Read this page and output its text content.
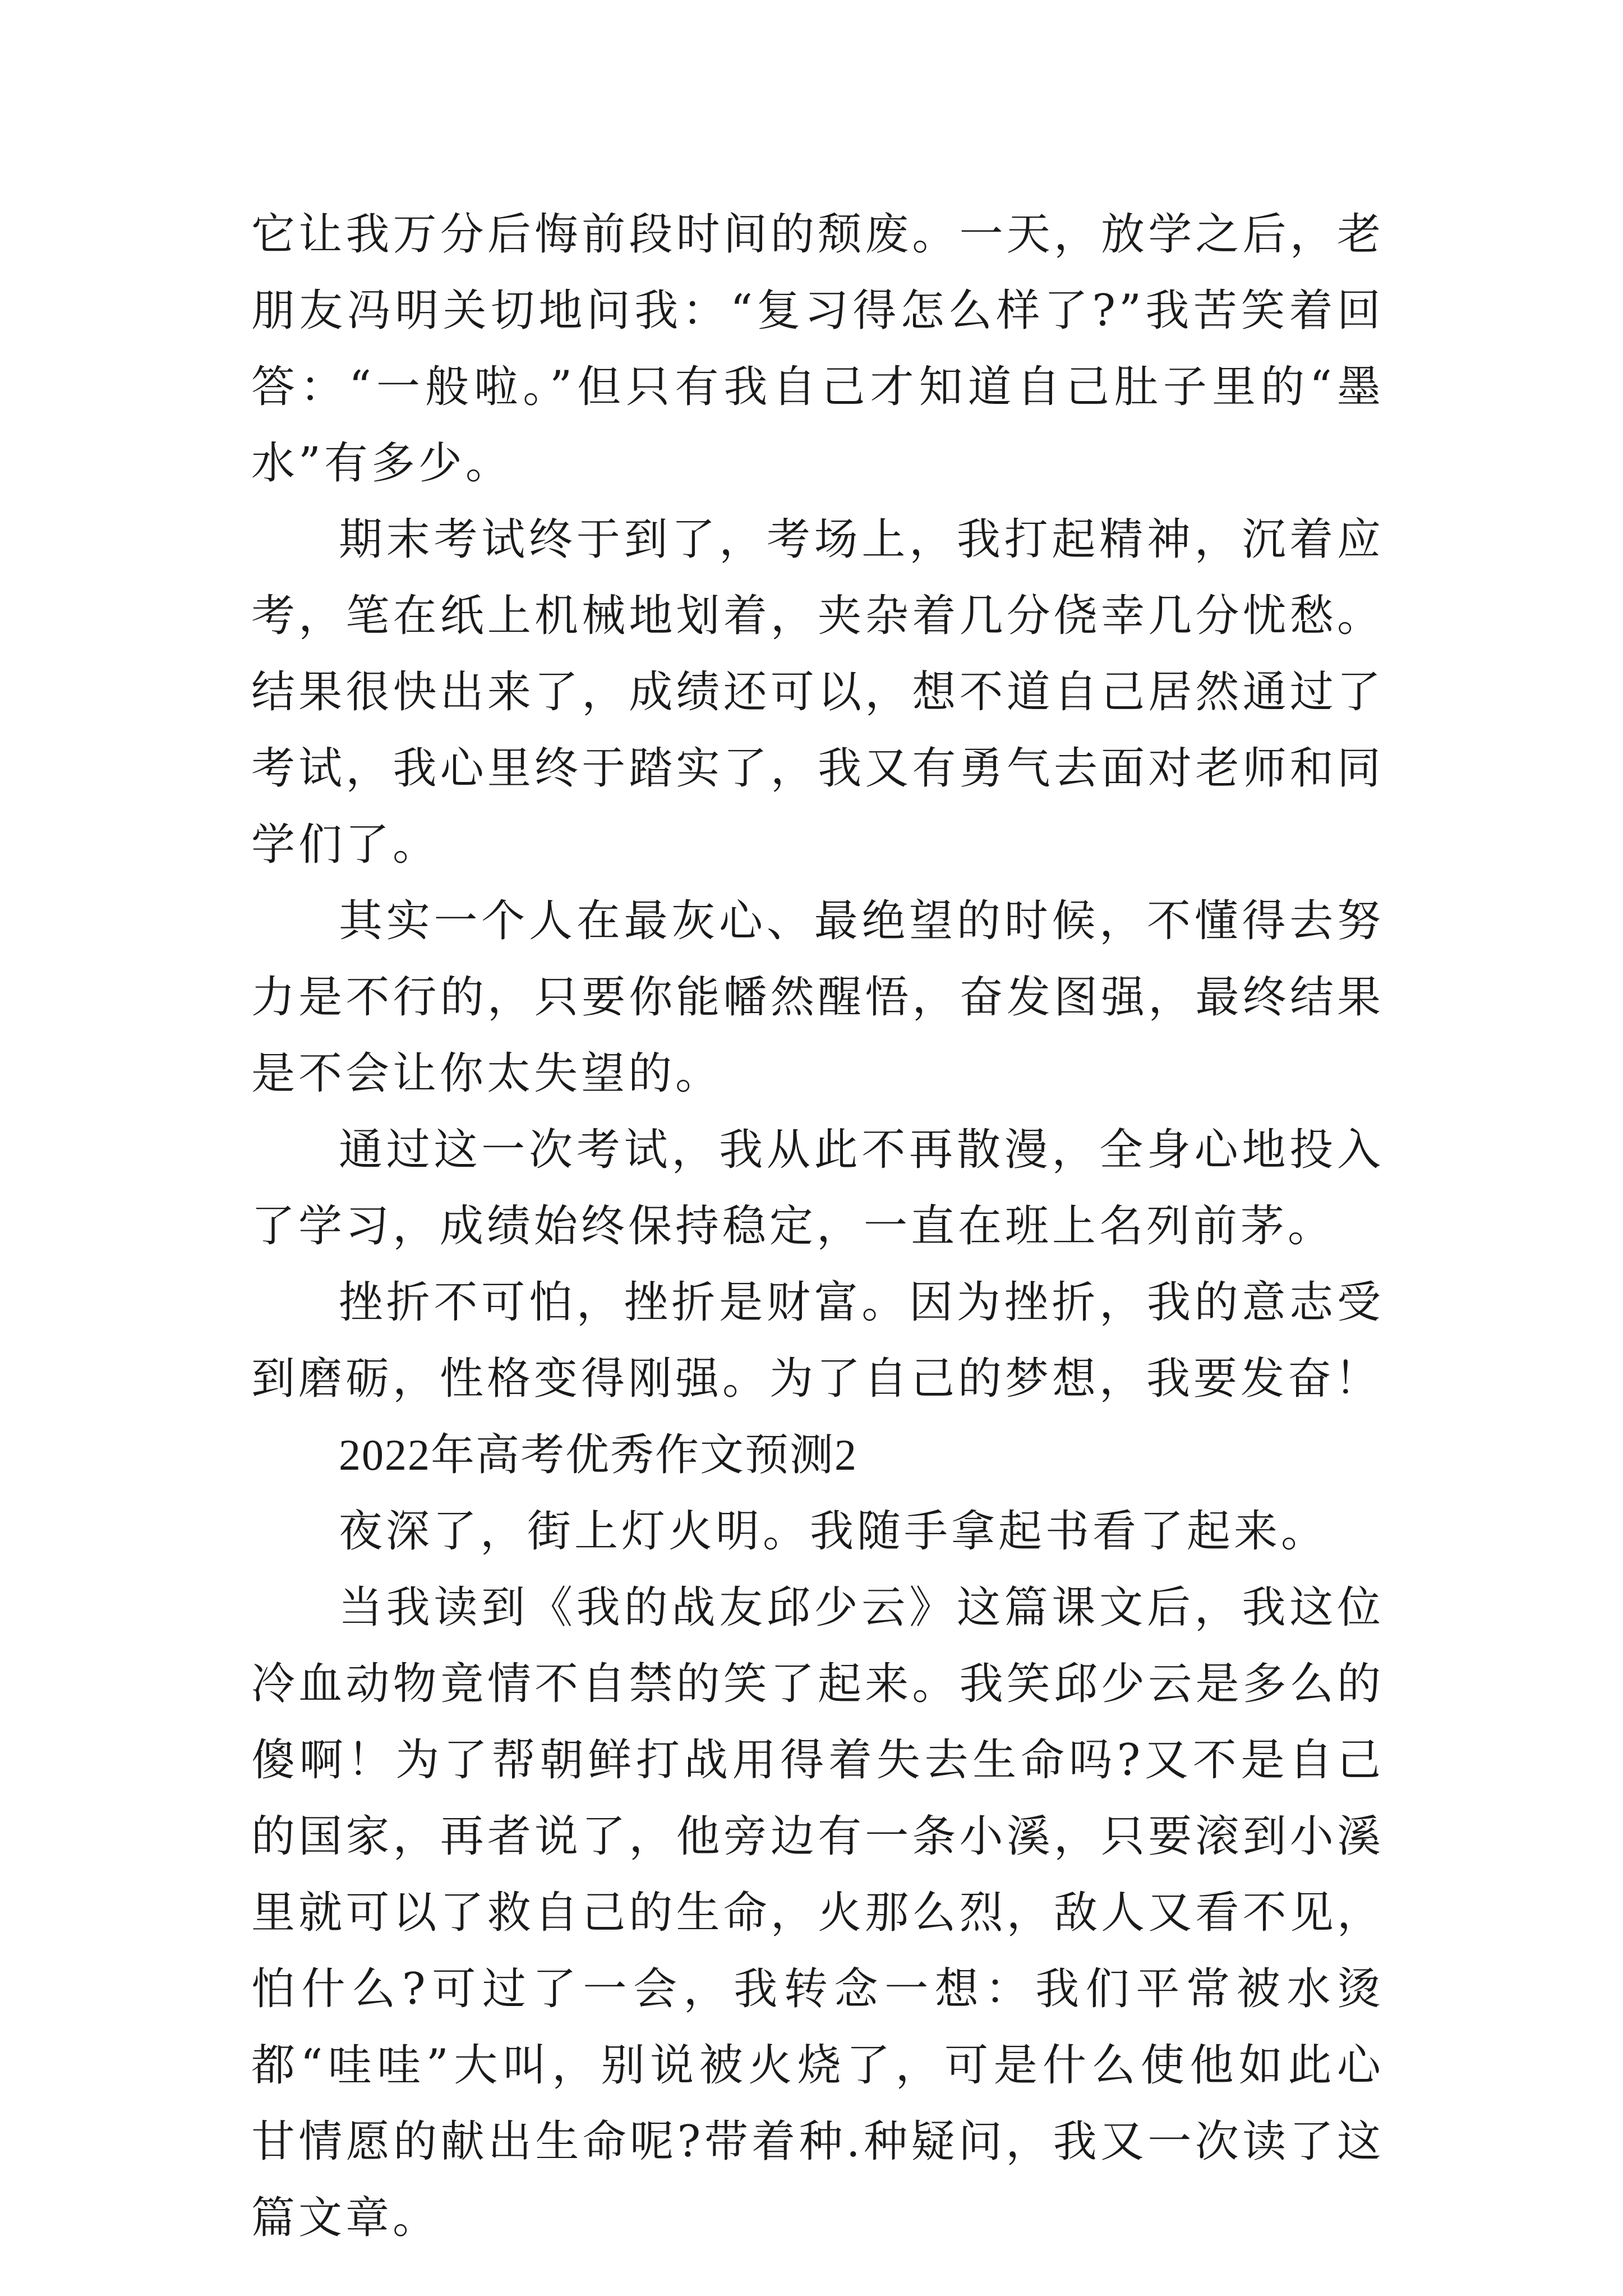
它让我万分后悔前段时间的颓废。一天，放学之后，老朋友冯明关切地问我：“复习得怎么样了?”我苦笑着回答：“一般啦。”但只有我自己才知道自己肚子里的“墨水”有多少。

期末考试终于到了，考场上，我打起精神，沉着应考，笔在纸上机械地划着，夹杂着几分侥幸几分忧愁。结果很快出来了，成绩还可以，想不道自己居然通过了考试，我心里终于踏实了，我又有勇气去面对老师和同学们了。

其实一个人在最灰心、最绝望的时候，不懂得去努力是不行的，只要你能幡然醒悟，奋发图强，最终结果是不会让你太失望的。

通过这一次考试，我从此不再散漫，全身心地投入了学习，成绩始终保持稳定，一直在班上名列前茅。

挫折不可怕，挫折是财富。因为挫折，我的意志受到磨砺，性格变得刚强。为了自己的梦想，我要发奋！

2022年高考优秀作文预测2

夜深了，街上灯火明。我随手拿起书看了起来。

当我读到《我的战友邱少云》这篇课文后，我这位冷血动物竟情不自禁的笑了起来。我笑邱少云是多么的傻啊！为了帮朝鲜打战用得着失去生命吗?又不是自己的国家，再者说了，他旁边有一条小溪，只要滚到小溪里就可以了救自己的生命，火那么烈，敌人又看不见，怕什么?可过了一会，我转念一想：我们平常被水烫都“哇哇”大叫，别说被火烧了，可是什么使他如此心甘情愿的献出生命呢?带着种.种疑问，我又一次读了这篇文章。
